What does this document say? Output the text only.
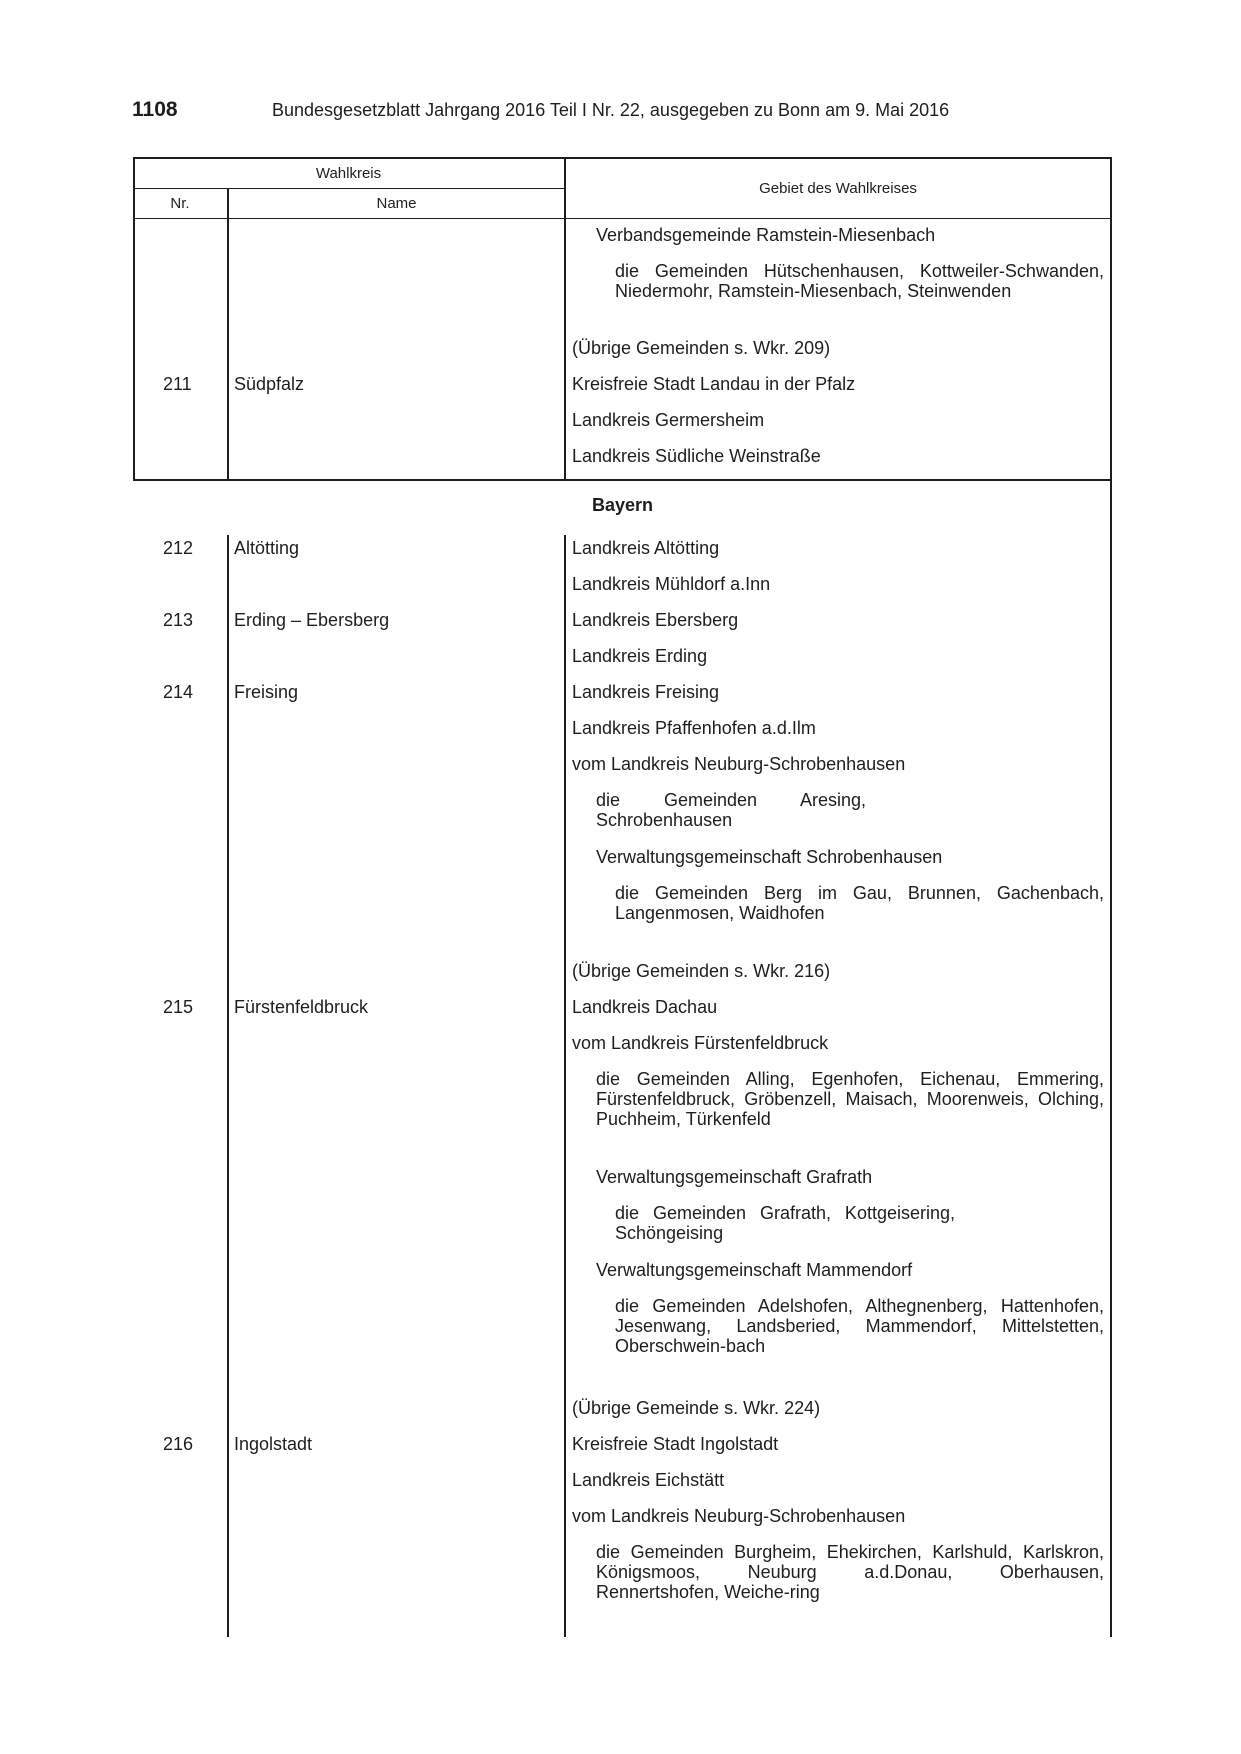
1108	Bundesgesetzblatt Jahrgang 2016 Teil I Nr. 22, ausgegeben zu Bonn am 9. Mai 2016
Wahlkreis
Nr.	Name
Gebiet des Wahlkreises
211 Südpfalz
Bayern
212 Altötting
213 Erding – Ebersberg
214 Freising
215 Fürstenfeldbruck
216 Ingolstadt
Verbandsgemeinde Ramstein-Miesenbach
die Gemeinden Hütschenhausen, Kottweiler-Schwanden, Niedermohr, Ramstein-Miesenbach, Steinwenden
(Übrige Gemeinden s. Wkr. 209)
Kreisfreie Stadt Landau in der Pfalz
Landkreis Germersheim
Landkreis Südliche Weinstraße
Landkreis Altötting
Landkreis Mühldorf a.Inn
Landkreis Ebersberg
Landkreis Erding
Landkreis Freising
Landkreis Pfaffenhofen a.d.Ilm
vom Landkreis Neuburg-Schrobenhausen
die Gemeinden Aresing, Schrobenhausen
Verwaltungsgemeinschaft Schrobenhausen
die Gemeinden Berg im Gau, Brunnen, Gachenbach, Langenmosen, Waidhofen
(Übrige Gemeinden s. Wkr. 216)
Landkreis Dachau
vom Landkreis Fürstenfeldbruck
die Gemeinden Alling, Egenhofen, Eichenau, Emmering, Fürstenfeldbruck, Gröbenzell, Maisach, Moorenweis, Olching, Puchheim, Türkenfeld
Verwaltungsgemeinschaft Grafrath
die Gemeinden Grafrath, Kottgeisering, Schöngeising
Verwaltungsgemeinschaft Mammendorf
die Gemeinden Adelshofen, Althegnenberg, Hattenhofen, Jesenwang, Landsberied, Mammendorf, Mittelstetten, Oberschwein-bach
(Übrige Gemeinde s. Wkr. 224)
Kreisfreie Stadt Ingolstadt
Landkreis Eichstätt
vom Landkreis Neuburg-Schrobenhausen
die Gemeinden Burgheim, Ehekirchen, Karlshuld, Karlskron, Königsmoos, Neuburg a.d.Donau, Oberhausen, Rennertshofen, Weiche-ring
